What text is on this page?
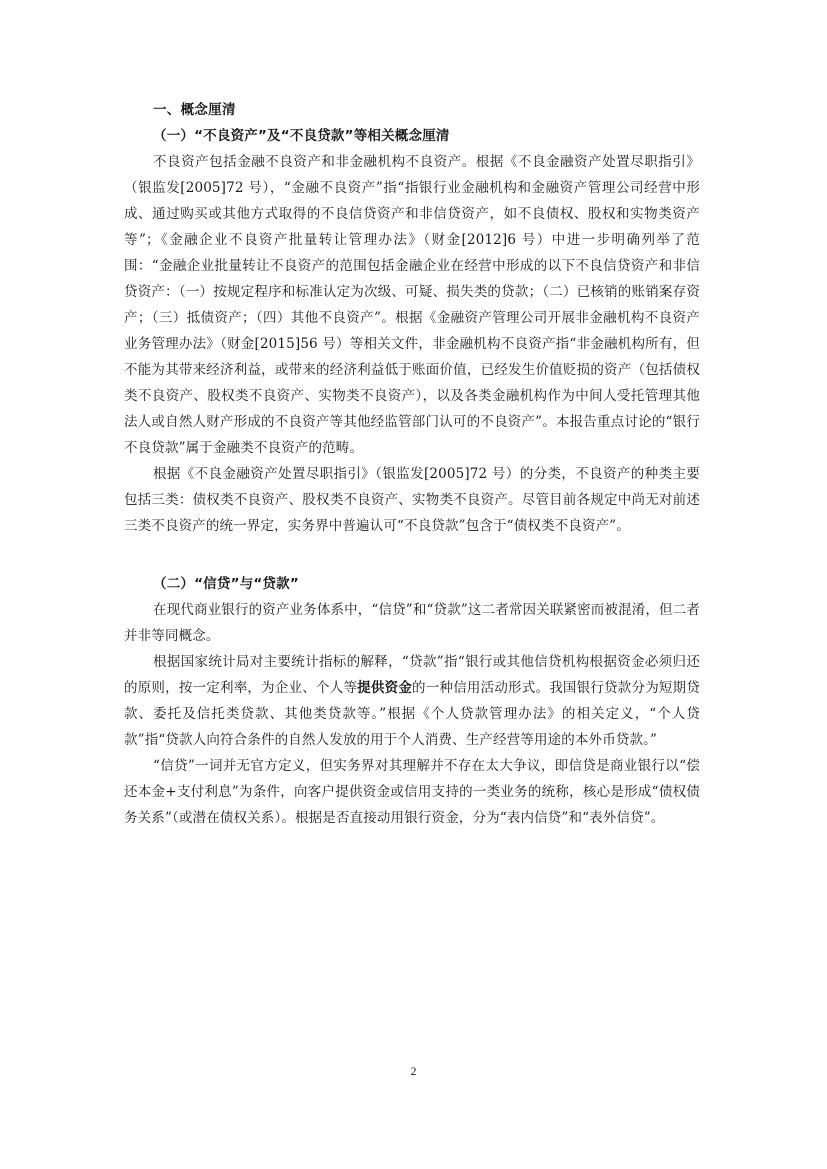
一、概念厘清
（一）“不良资产”及“不良贷款”等相关概念厘清

不良资产包括金融不良资产和非金融机构不良资产。根据《不良金融资产处置尽职指引》（银监发[2005]72 号），“金融不良资产”指“指银行业金融机构和金融资产管理公司经营中形成、通过购买或其他方式取得的不良信贷资产和非信贷资产，如不良债权、股权和实物类资产等”；《金融企业不良资产批量转让管理办法》（财金[2012]6 号）中进一步明确列举了范围：“金融企业批量转让不良资产的范围包括金融企业在经营中形成的以下不良信贷资产和非信贷资产：（一）按规定程序和标准认定为次级、可疑、损失类的贷款；（二）已核销的账销案存资产；（三）抵债资产；（四）其他不良资产”。根据《金融资产管理公司开展非金融机构不良资产业务管理办法》（财金[2015]56 号）等相关文件，非金融机构不良资产指“非金融机构所有，但不能为其带来经济利益，或带来的经济利益低于账面价值，已经发生价值贬损的资产（包括债权类不良资产、股权类不良资产、实物类不良资产），以及各类金融机构作为中间人受托管理其他法人或自然人财产形成的不良资产等其他经监管部门认可的不良资产”。本报告重点讨论的“银行不良贷款”属于金融类不良资产的范畴。

根据《不良金融资产处置尽职指引》（银监发[2005]72 号）的分类，不良资产的种类主要包括三类：债权类不良资产、股权类不良资产、实物类不良资产。尽管目前各规定中尚无对前述三类不良资产的统一界定，实务界中普遍认可“不良贷款”包含于“债权类不良资产”。

（二）“信贷”与“贷款”

在现代商业银行的资产业务体系中，“信贷”和“贷款”这二者常因关联紧密而被混淆，但二者并非等同概念。

根据国家统计局对主要统计指标的解释，“贷款”指“银行或其他信贷机构根据资金必须归还的原则，按一定利率，为企业、个人等提供资金的一种信用活动形式。我国银行贷款分为短期贷款、委托及信托类贷款、其他类贷款等。”根据《个人贷款管理办法》的相关定义，“个人贷款”指“贷款人向符合条件的自然人发放的用于个人消费、生产经营等用途的本外币贷款。”

“信贷”一词并无官方定义，但实务界对其理解并不存在太大争议，即信贷是商业银行以“偿还本金+支付利息”为条件，向客户提供资金或信用支持的一类业务的统称，核心是形成“债权债务关系”（或潜在债权关系）。根据是否直接动用银行资金，分为“表内信贷”和“表外信贷”。

2
